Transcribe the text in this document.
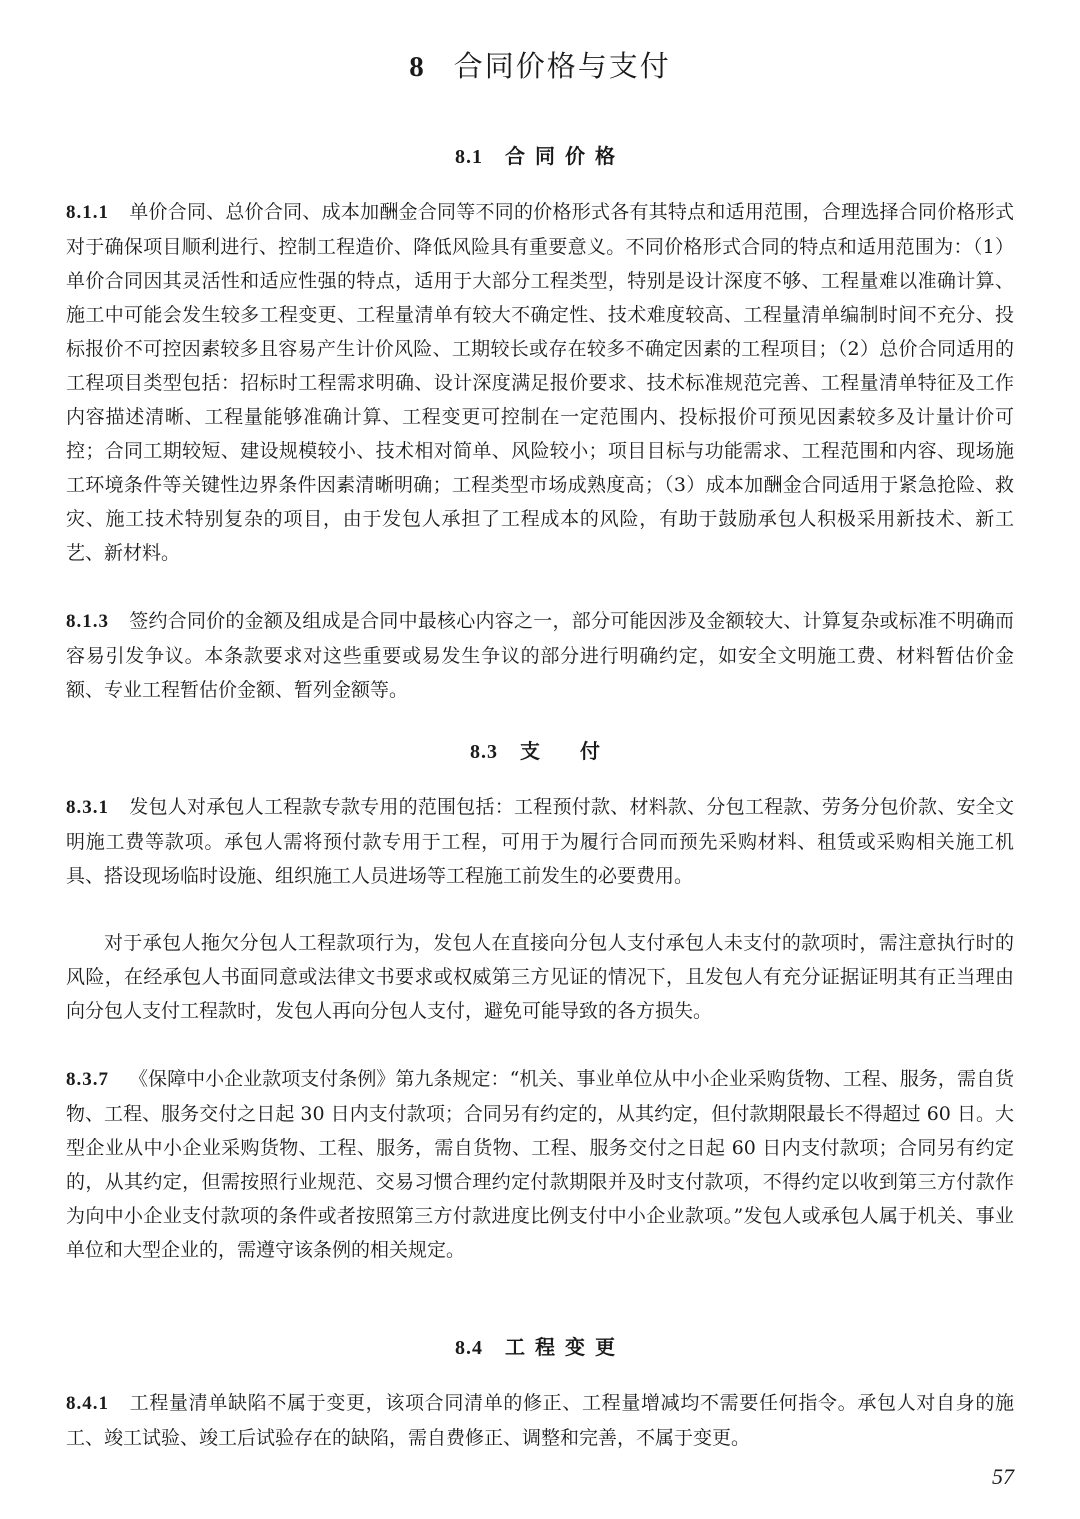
8 合同价格与支付
8.1 合同价格
8.1.1 单价合同、总价合同、成本加酬金合同等不同的价格形式各有其特点和适用范围，合理选择合同价格形式对于确保项目顺利进行、控制工程造价、降低风险具有重要意义。不同价格形式合同的特点和适用范围为：（1）单价合同因其灵活性和适应性强的特点，适用于大部分工程类型，特别是设计深度不够、工程量难以准确计算、施工中可能会发生较多工程变更、工程量清单有较大不确定性、技术难度较高、工程量清单编制时间不充分、投标报价不可控因素较多且容易产生计价风险、工期较长或存在较多不确定因素的工程项目；（2）总价合同适用的工程项目类型包括：招标时工程需求明确、设计深度满足报价要求、技术标准规范完善、工程量清单特征及工作内容描述清晰、工程量能够准确计算、工程变更可控制在一定范围内、投标报价可预见因素较多及计量计价可控；合同工期较短、建设规模较小、技术相对简单、风险较小；项目目标与功能需求、工程范围和内容、现场施工环境条件等关键性边界条件因素清晰明确；工程类型市场成熟度高；（3）成本加酬金合同适用于紧急抢险、救灾、施工技术特别复杂的项目，由于发包人承担了工程成本的风险，有助于鼓励承包人积极采用新技术、新工艺、新材料。
8.1.3 签约合同价的金额及组成是合同中最核心内容之一，部分可能因涉及金额较大、计算复杂或标准不明确而容易引发争议。本条款要求对这些重要或易发生争议的部分进行明确约定，如安全文明施工费、材料暂估价金额、专业工程暂估价金额、暂列金额等。
8.3 支　付
8.3.1 发包人对承包人工程款专款专用的范围包括：工程预付款、材料款、分包工程款、劳务分包价款、安全文明施工费等款项。承包人需将预付款专用于工程，可用于为履行合同而预先采购材料、租赁或采购相关施工机具、搭设现场临时设施、组织施工人员进场等工程施工前发生的必要费用。
对于承包人拖欠分包人工程款项行为，发包人在直接向分包人支付承包人未支付的款项时，需注意执行时的风险，在经承包人书面同意或法律文书要求或权威第三方见证的情况下，且发包人有充分证据证明其有正当理由向分包人支付工程款时，发包人再向分包人支付，避免可能导致的各方损失。
8.3.7 《保障中小企业款项支付条例》第九条规定：“机关、事业单位从中小企业采购货物、工程、服务，需自货物、工程、服务交付之日起 30 日内支付款项；合同另有约定的，从其约定，但付款期限最长不得超过 60 日。大型企业从中小企业采购货物、工程、服务，需自货物、工程、服务交付之日起 60 日内支付款项；合同另有约定的，从其约定，但需按照行业规范、交易习惯合理约定付款期限并及时支付款项，不得约定以收到第三方付款作为向中小企业支付款项的条件或者按照第三方付款进度比例支付中小企业款项。”发包人或承包人属于机关、事业单位和大型企业的，需遵守该条例的相关规定。
8.4 工程变更
8.4.1 工程量清单缺陷不属于变更，该项合同清单的修正、工程量增减均不需要任何指令。承包人对自身的施工、竣工试验、竣工后试验存在的缺陷，需自费修正、调整和完善，不属于变更。
57
